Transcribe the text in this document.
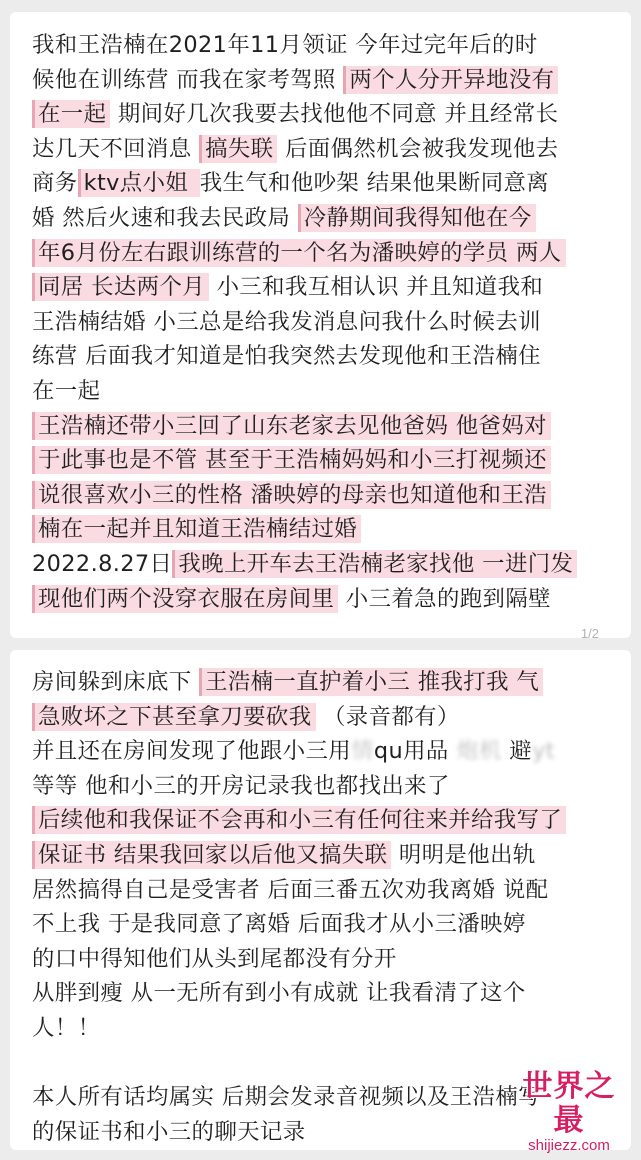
我和王浩楠在2021年11月领证 今年过完年后的时
候他在训练营 而我在家考驾照 两个人分开异地没有
在一起 期间好几次我要去找他他不同意 并且经常长
达几天不回消息 搞失联 后面偶然机会被我发现他去
商务 ktv点小姐 我生气和他吵架 结果他果断同意离
婚 然后火速和我去民政局 冷静期间我得知他在今
年6月份左右跟训练营的一个名为潘映婷的学员 两人
同居 长达两个月 小三和我互相认识 并且知道我和
王浩楠结婚 小三总是给我发消息问我什么时候去训
练营 后面我才知道是怕我突然去发现他和王浩楠住
在一起
王浩楠还带小三回了山东老家去见他爸妈 他爸妈对
于此事也是不管 甚至于王浩楠妈妈和小三打视频还
说很喜欢小三的性格 潘映婷的母亲也知道他和王浩
楠在一起并且知道王浩楠结过婚
2022.8.27日 我晚上开车去王浩楠老家找他 一进门发
现他们两个没穿衣服在房间里 小三着急的跑到隔壁
1/2
房间躲到床底下 王浩楠一直护着小三 推我打我 气
急败坏之下甚至拿刀要砍我 （录音都有）
并且还在房间发现了他跟小三用情qu用品 炮机 避yt
等等 他和小三的开房记录我也都找出来了
后续他和我保证不会再和小三有任何往来并给我写了
保证书 结果我回家以后他又搞失联 明明是他出轨
居然搞得自己是受害者 后面三番五次劝我离婚 说配
不上我 于是我同意了离婚 后面我才从小三潘映婷
的口中得知他们从头到尾都没有分开
从胖到瘦 从一无所有到小有成就 让我看清了这个
人！！
本人所有话均属实 后期会发录音视频以及王浩楠写
的保证书和小三的聊天记录
世界之最
shijiezz.com
